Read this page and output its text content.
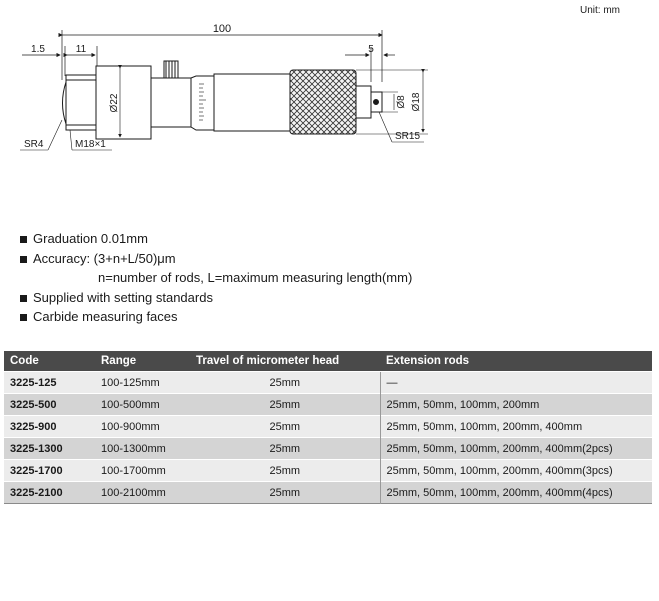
Unit: mm
100
1.5	11	5
Ø22	Ø8 Ø18
SR4	M18×1
SR15
Graduation 0.01mm
Accuracy: (3+n+L/50)μm
n=number of rods, L=maximum measuring length(mm)
Supplied with setting standards
Carbide measuring faces
Code	Range	Travel of micrometer head	Extension rods
3225-125	100-125mm	25mm	—
3225-500	100-500mm	25mm	25mm, 50mm, 100mm, 200mm
3225-900	100-900mm	25mm	25mm, 50mm, 100mm, 200mm, 400mm
3225-1300	100-1300mm	25mm	25mm, 50mm, 100mm, 200mm, 400mm(2pcs)
3225-1700	100-1700mm	25mm	25mm, 50mm, 100mm, 200mm, 400mm(3pcs)
3225-2100	100-2100mm	25mm	25mm, 50mm, 100mm, 200mm, 400mm(4pcs)
